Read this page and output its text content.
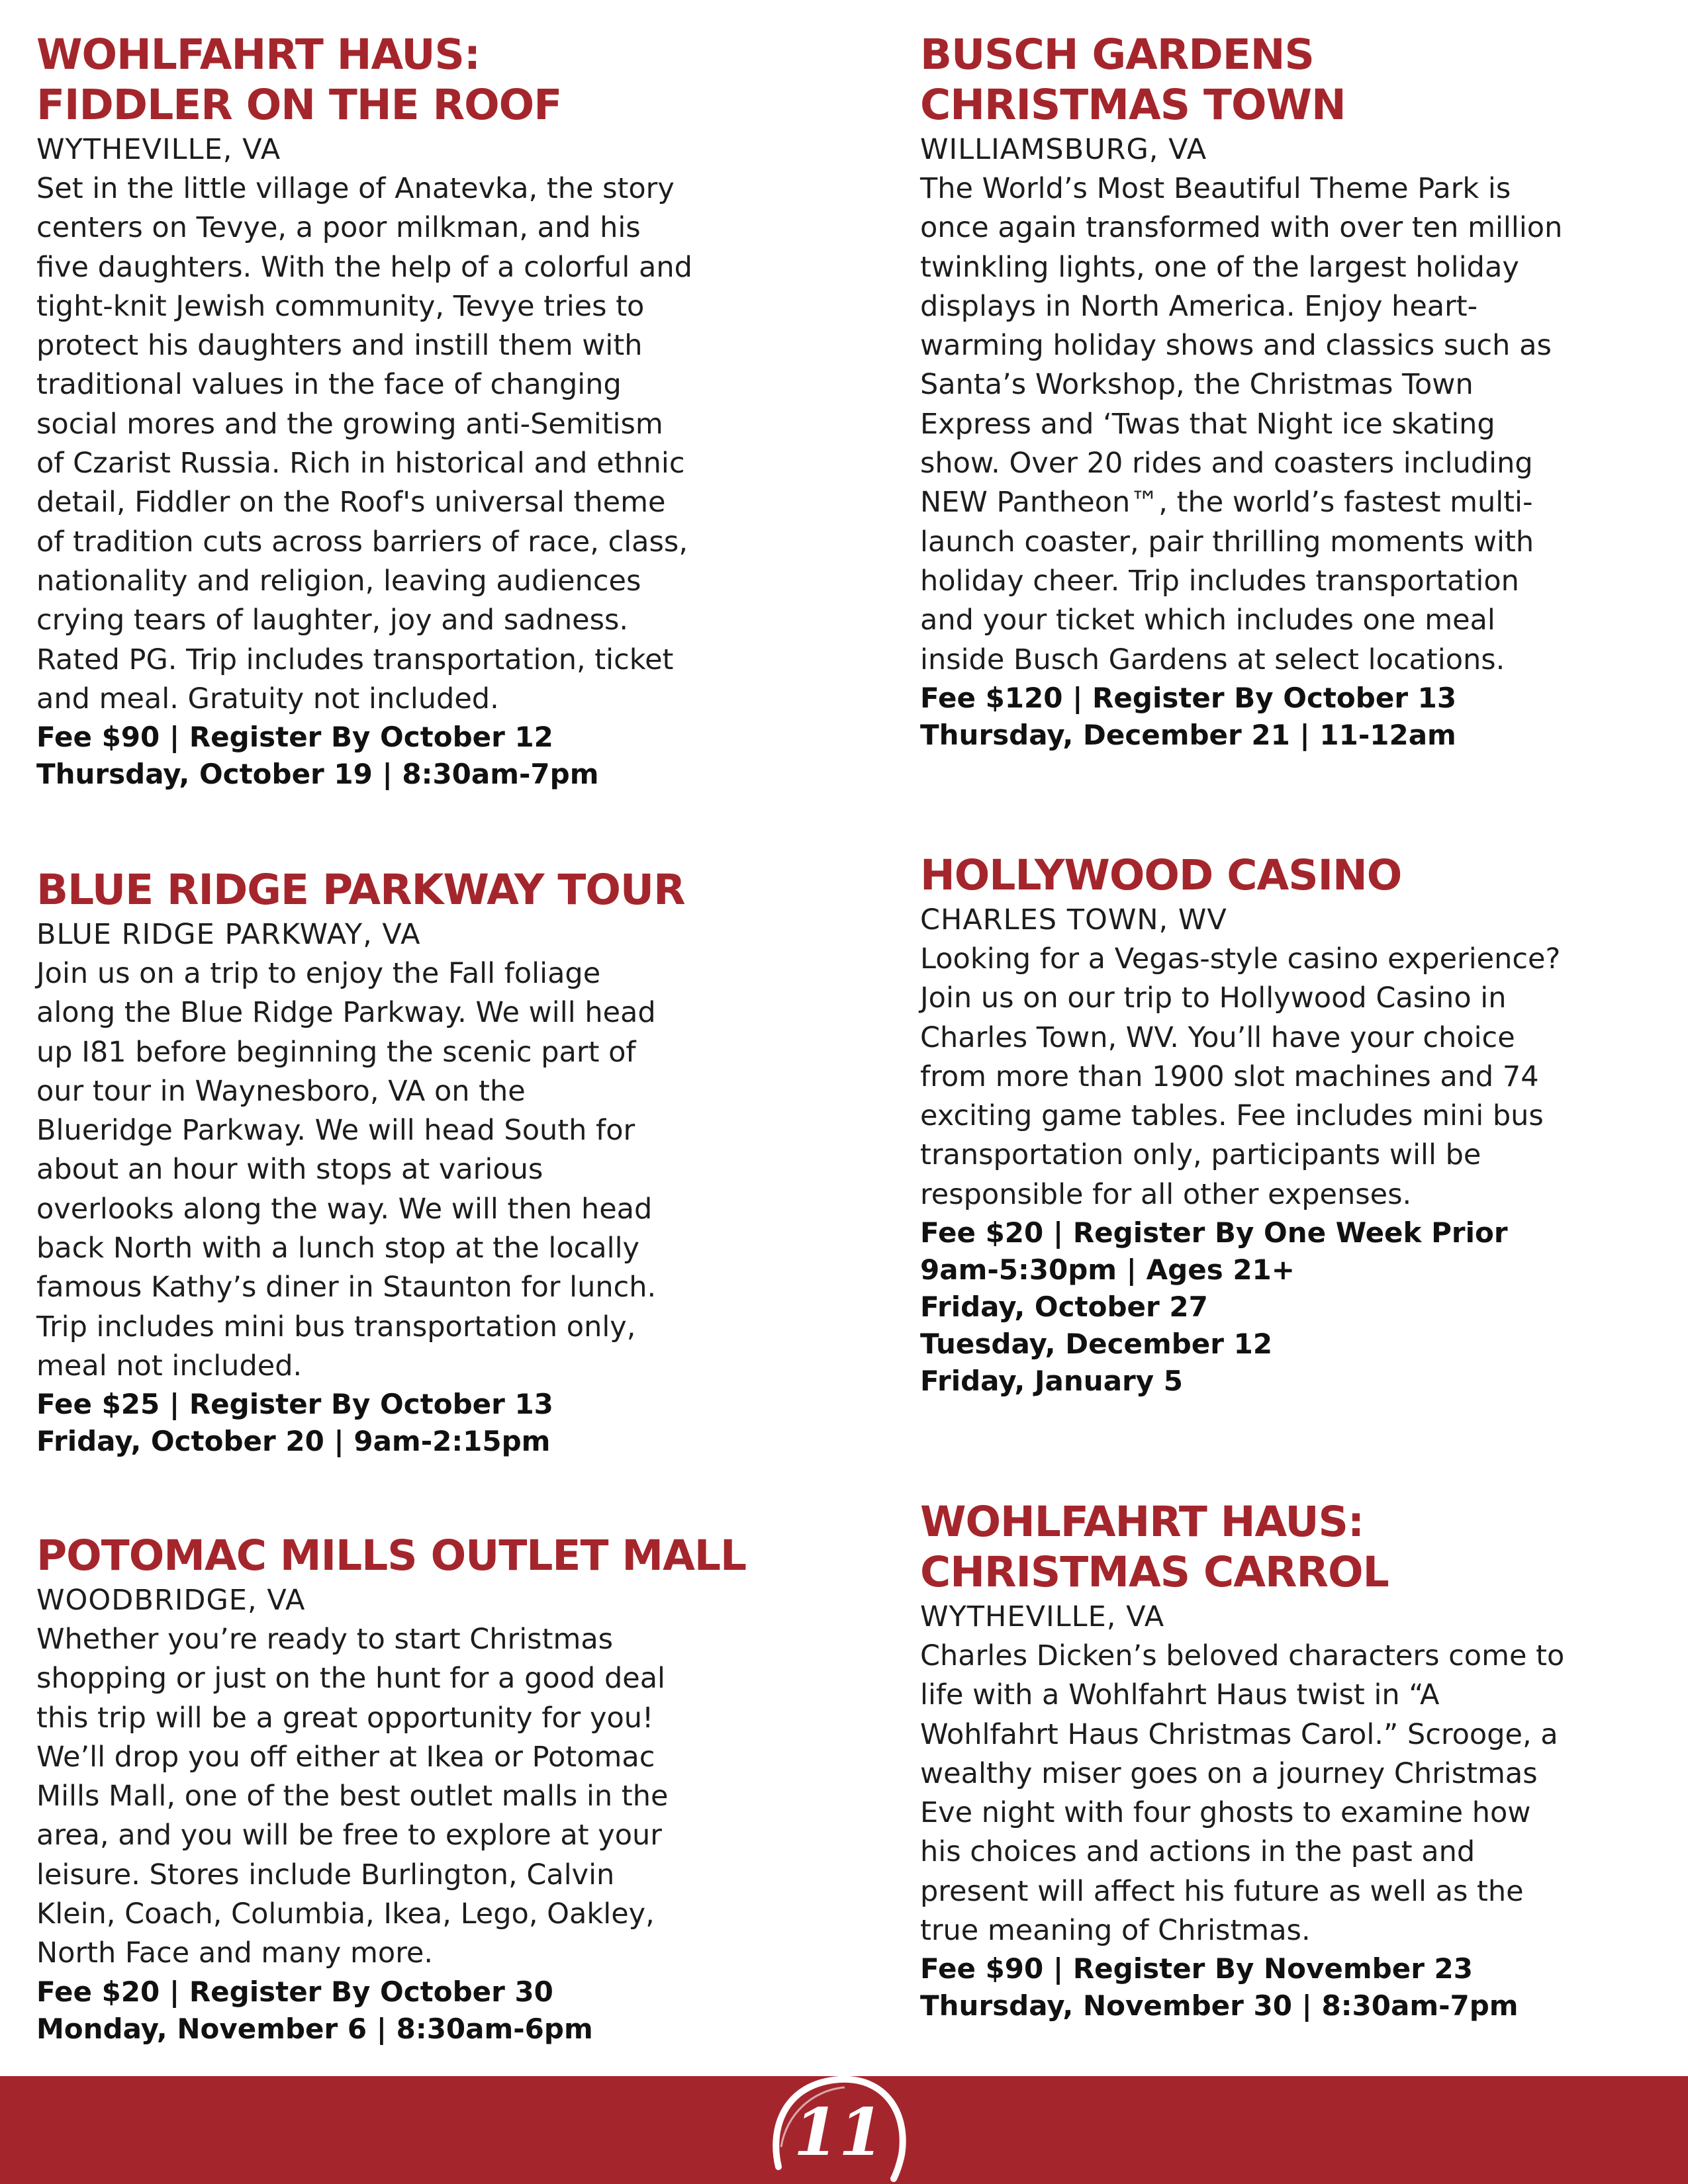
WOHLFAHRT HAUS:
FIDDLER ON THE ROOF
WYTHEVILLE, VA

Set in the little village of Anatevka, the story
centers on Tevye, a poor milkman, and his
five daughters. With the help of a colorful and
tight-knit Jewish community, Tevye tries to
protect his daughters and instill them with
traditional values in the face of changing
social mores and the growing anti-Semitism
of Czarist Russia. Rich in historical and ethnic
detail, Fiddler on the Roof's universal theme
of tradition cuts across barriers of race, class,
nationality and religion, leaving audiences
crying tears of laughter, joy and sadness.
Rated PG. Trip includes transportation, ticket
and meal. Gratuity not included.

Fee $90 | Register By October 12
Thursday, October 19 | 8:30am-7pm
BLUE RIDGE PARKWAY TOUR
BLUE RIDGE PARKWAY, VA

Join us on a trip to enjoy the Fall foliage
along the Blue Ridge Parkway. We will head
up I81 before beginning the scenic part of
our tour in Waynesboro, VA on the
Blueridge Parkway. We will head South for
about an hour with stops at various
overlooks along the way. We will then head
back North with a lunch stop at the locally
famous Kathy’s diner in Staunton for lunch.
Trip includes mini bus transportation only,
meal not included.

Fee $25 | Register By October 13
Friday, October 20 | 9am-2:15pm
POTOMAC MILLS OUTLET MALL
WOODBRIDGE, VA

Whether you’re ready to start Christmas
shopping or just on the hunt for a good deal
this trip will be a great opportunity for you!
We’ll drop you off either at Ikea or Potomac
Mills Mall, one of the best outlet malls in the
area, and you will be free to explore at your
leisure. Stores include Burlington, Calvin
Klein, Coach, Columbia, Ikea, Lego, Oakley,
North Face and many more.

Fee $20 | Register By October 30
Monday, November 6 | 8:30am-6pm
BUSCH GARDENS
CHRISTMAS TOWN
WILLIAMSBURG, VA

The World’s Most Beautiful Theme Park is
once again transformed with over ten million
twinkling lights, one of the largest holiday
displays in North America. Enjoy heart-
warming holiday shows and classics such as
Santa’s Workshop, the Christmas Town
Express and ‘Twas that Night ice skating
show. Over 20 rides and coasters including
NEW Pantheon™, the world’s fastest multi-
launch coaster, pair thrilling moments with
holiday cheer. Trip includes transportation
and your ticket which includes one meal
inside Busch Gardens at select locations.

Fee $120 | Register By October 13
Thursday, December 21 | 11-12am
HOLLYWOOD CASINO
CHARLES TOWN, WV

Looking for a Vegas-style casino experience?
Join us on our trip to Hollywood Casino in
Charles Town, WV. You’ll have your choice
from more than 1900 slot machines and 74
exciting game tables. Fee includes mini bus
transportation only, participants will be
responsible for all other expenses.

Fee $20 | Register By One Week Prior
9am-5:30pm | Ages 21+
Friday, October 27
Tuesday, December 12
Friday, January 5
WOHLFAHRT HAUS:
CHRISTMAS CARROL
WYTHEVILLE, VA

Charles Dicken’s beloved characters come to
life with a Wohlfahrt Haus twist in “A
Wohlfahrt Haus Christmas Carol.” Scrooge, a
wealthy miser goes on a journey Christmas
Eve night with four ghosts to examine how
his choices and actions in the past and
present will affect his future as well as the
true meaning of Christmas.

Fee $90 | Register By November 23
Thursday, November 30 | 8:30am-7pm
11
